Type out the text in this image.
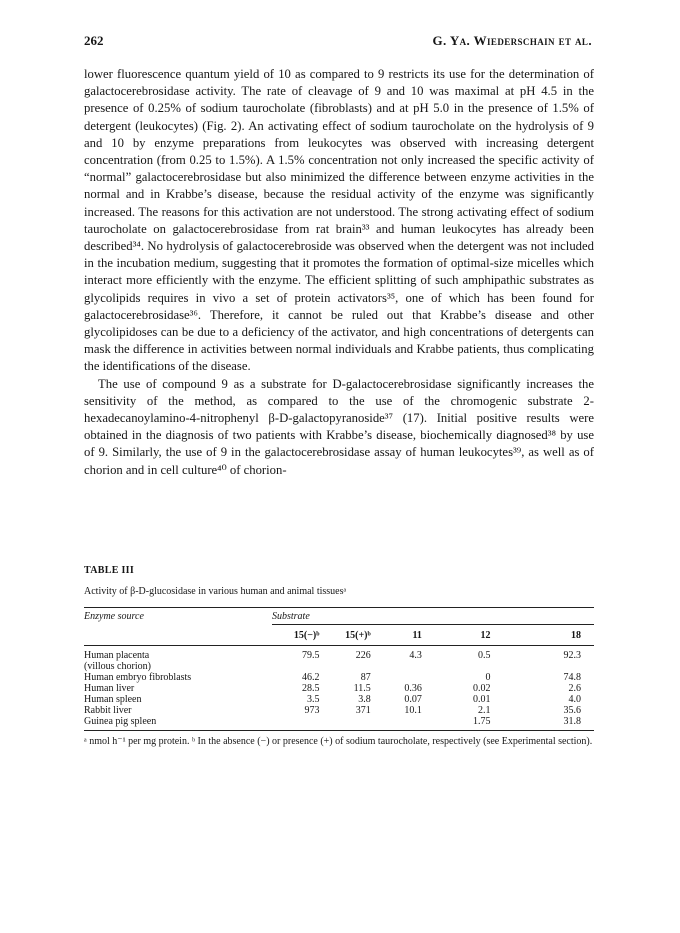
262	G. Ya. Wiederschain et al.

lower fluorescence quantum yield of 10 as compared to 9 restricts its use for the determination of galactocerebrosidase activity. The rate of cleavage of 9 and 10 was maximal at pH 4.5 in the presence of 0.25% of sodium taurocholate (fibroblasts) and at pH 5.0 in the presence of 1.5% of detergent (leukocytes) (Fig. 2). An activating effect of sodium taurocholate on the hydrolysis of 9 and 10 by enzyme preparations from leukocytes was observed with increasing detergent concentration (from 0.25 to 1.5%). A 1.5% concentration not only increased the specific activity of “normal” galactocerebrosidase but also minimized the difference between enzyme activities in the normal and in Krabbe’s disease, because the residual activity of the enzyme was significantly increased. The reasons for this activation are not understood. The strong activating effect of sodium taurocholate on galactocerebrosidase from rat brain³³ and human leukocytes has already been described³⁴. No hydrolysis of galactocerebroside was observed when the detergent was not included in the incubation medium, suggesting that it promotes the formation of optimal-size micelles which interact more efficiently with the enzyme. The efficient splitting of such amphipathic substrates as glycolipids requires in vivo a set of protein activators³⁵, one of which has been found for galactocerebrosidase³⁶. Therefore, it cannot be ruled out that Krabbe’s disease and other glycolipidoses can be due to a deficiency of the activator, and high concentrations of detergents can mask the difference in activities between normal individuals and Krabbe patients, thus complicating the identifications of the disease.

The use of compound 9 as a substrate for D-galactocerebrosidase significantly increases the sensitivity of the method, as compared to the use of the chromogenic substrate 2-hexadecanoylamino-4-nitrophenyl β-D-galactopyranoside³⁷ (17). Initial positive results were obtained in the diagnosis of two patients with Krabbe’s disease, biochemically diagnosed³⁸ by use of 9. Similarly, the use of 9 in the galactocerebrosidase assay of human leukocytes³⁹, as well as of chorion and in cell culture⁴⁰ of chorion-

TABLE III
Activity of β-D-glucosidase in various human and animal tissuesᵃ
Enzyme source	Substrate
	15(−)ᵇ	15(+)ᵇ	11	12	18

Human placenta	79.5	226	4.3	0.5	92.3
(villous chorion)					
Human embryo fibroblasts	46.2	87		0	74.8
Human liver	28.5	11.5	0.36	0.02	2.6
Human spleen	3.5	3.8	0.07	0.01	4.0
Rabbit liver	973	371	10.1	2.1	35.6
Guinea pig spleen				1.75	31.8
ᵃ nmol h⁻¹ per mg protein. ᵇ In the absence (−) or presence (+) of sodium taurocholate, respectively (see Experimental section).
